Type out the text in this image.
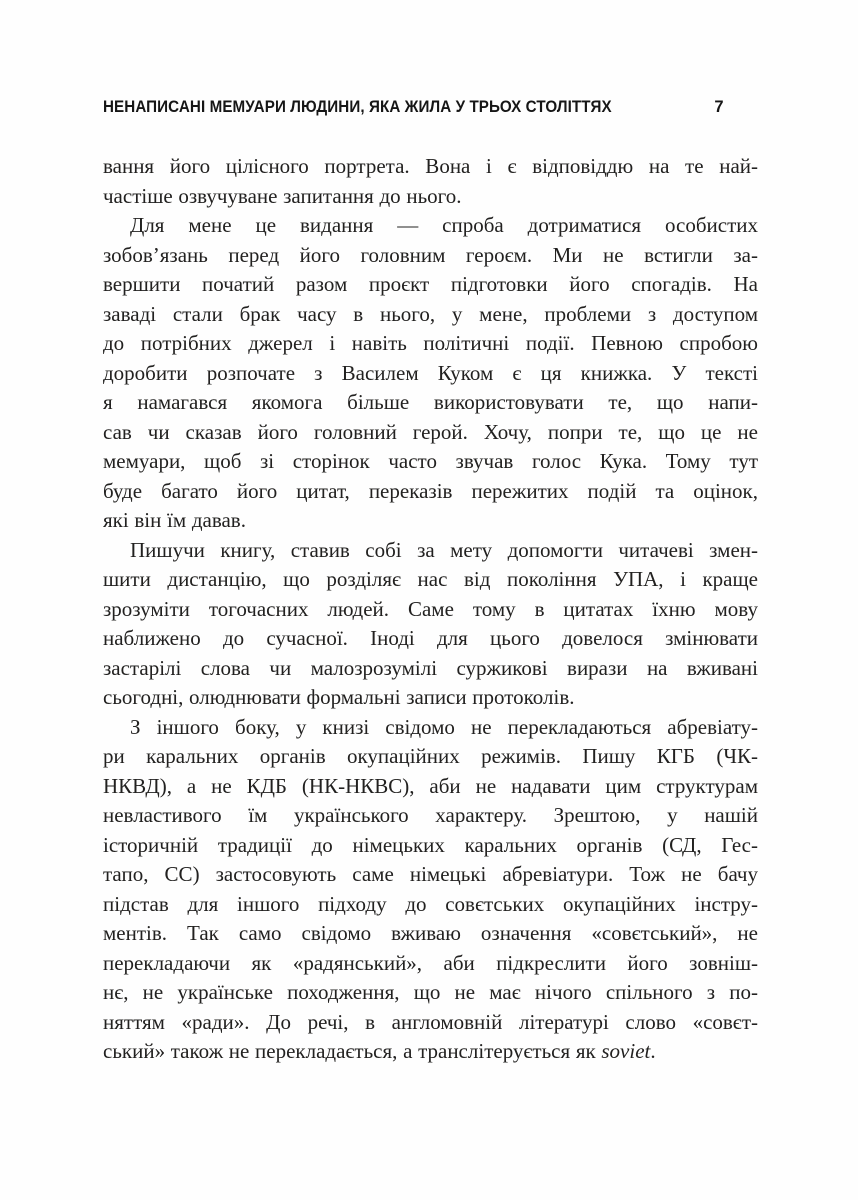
НЕНАПИСАНІ МЕМУАРИ ЛЮДИНИ, ЯКА ЖИЛА У ТРЬОХ СТОЛІТТЯХ	7
вання його цілісного портрета. Вона і є відповіддю на те най-
частіше озвучуване запитання до нього.
Для мене це видання — спроба дотриматися особистих
зобов’язань перед його головним героєм. Ми не встигли за-
вершити початий разом проєкт підготовки його спогадів. На
заваді стали брак часу в нього, у мене, проблеми з доступом
до потрібних джерел і навіть політичні події. Певною спробою
доробити розпочате з Василем Куком є ця книжка. У тексті
я намагався якомога більше використовувати те, що напи-
сав чи сказав його головний герой. Хочу, попри те, що це не
мемуари, щоб зі сторінок часто звучав голос Кука. Тому тут
буде багато його цитат, переказів пережитих подій та оцінок,
які він їм давав.
Пишучи книгу, ставив собі за мету допомогти читачеві змен-
шити дистанцію, що розділяє нас від покоління УПА, і краще
зрозуміти тогочасних людей. Саме тому в цитатах їхню мову
наближено до сучасної. Іноді для цього довелося змінювати
застарілі слова чи малозрозумілі суржикові вирази на вживані
сьогодні, олюднювати формальні записи протоколів.
З іншого боку, у книзі свідомо не перекладаються абревіату-
ри каральних органів окупаційних режимів. Пишу КГБ (ЧК-
НКВД), а не КДБ (НК-НКВС), аби не надавати цим структурам
невластивого їм українського характеру. Зрештою, у нашій
історичній традиції до німецьких каральних органів (СД, Гес-
тапо, СС) застосовують саме німецькі абревіатури. Тож не бачу
підстав для іншого підходу до совєтських окупаційних інстру-
ментів. Так само свідомо вживаю означення «совєтський», не
перекладаючи як «радянський», аби підкреслити його зовніш-
нє, не українське походження, що не має нічого спільного з по-
няттям «ради». До речі, в англомовній літературі слово «совєт-
ський» також не перекладається, а транслітерується як soviet.
